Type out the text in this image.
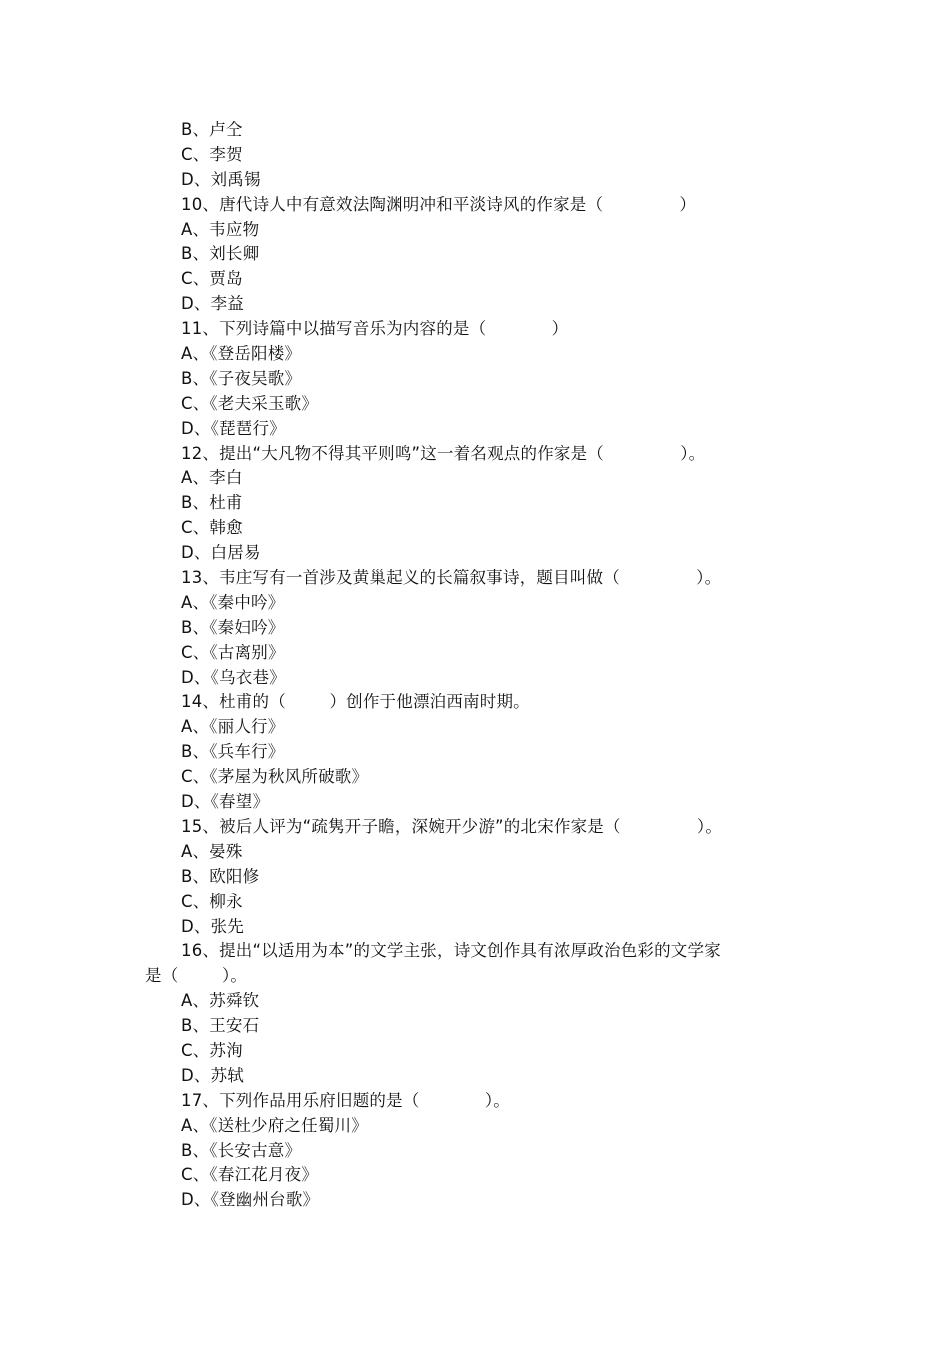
B、卢仝
C、李贺
D、刘禹锡
10、唐代诗人中有意效法陶渊明冲和平淡诗风的作家是（              ）
A、韦应物
B、刘长卿
C、贾岛
D、李益
11、下列诗篇中以描写音乐为内容的是（            ）
A、《登岳阳楼》
B、《子夜吴歌》
C、《老夫采玉歌》
D、《琵琶行》
12、提出“大凡物不得其平则鸣”这一着名观点的作家是（              ）。
A、李白
B、杜甫
C、韩愈
D、白居易
13、韦庄写有一首涉及黄巢起义的长篇叙事诗，题目叫做（              ）。
A、《秦中吟》
B、《秦妇吟》
C、《古离别》
D、《乌衣巷》
14、杜甫的（        ）创作于他漂泊西南时期。
A、《丽人行》
B、《兵车行》
C、《茅屋为秋风所破歌》
D、《春望》
15、被后人评为“疏隽开子瞻，深婉开少游”的北宋作家是（              ）。
A、晏殊
B、欧阳修
C、柳永
D、张先
16、提出“以适用为本”的文学主张，诗文创作具有浓厚政治色彩的文学家
是（        ）。
A、苏舜钦
B、王安石
C、苏洵
D、苏轼
17、下列作品用乐府旧题的是（            ）。
A、《送杜少府之任蜀川》
B、《长安古意》
C、《春江花月夜》
D、《登幽州台歌》
